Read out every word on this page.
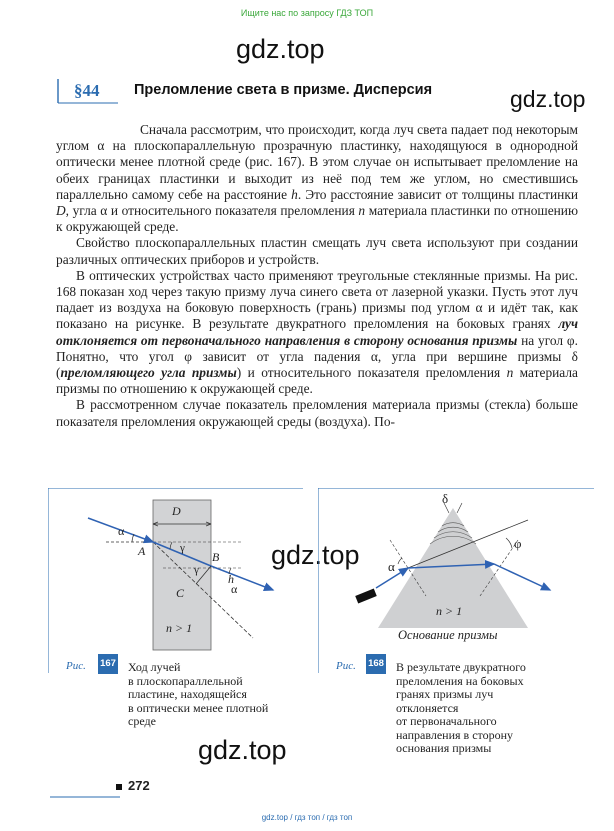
Ищите нас по запросу ГДЗ ТОП
gdz.top
gdz.top
gdz.top
gdz.top
§44 Преломление света в призме. Дисперсия

Сначала рассмотрим, что происходит, когда луч света падает под некоторым углом α на плоскопараллельную прозрачную пластинку, находящуюся в однородной оптически менее плотной среде (рис. 167). В этом случае он испытывает преломление на обеих границах пластинки и выходит из неё под тем же углом, но сместившись параллельно самому себе на расстояние h. Это расстояние зависит от толщины пластинки D, угла α и относительного показателя преломления n материала пластинки по отношению к окружающей среде.

Свойство плоскопараллельных пластин смещать луч света используют при создании различных оптических приборов и устройств.

В оптических устройствах часто применяют треугольные стеклянные призмы. На рис. 168 показан ход через такую призму луча синего света от лазерной указки. Пусть этот луч падает из воздуха на боковую поверхность (грань) призмы под углом α и идёт так, как показано на рисунке. В результате двукратного преломления на боковых гранях луч отклоняется от первоначального направления в сторону основания призмы на угол φ. Понятно, что угол φ зависит от угла падения α, угла при вершине призмы δ (преломляющего угла призмы) и относительного показателя преломления n материала призмы по отношению к окружающей среде.

В рассмотренном случае показатель преломления материала призмы (стекла) больше показателя преломления окружающей среды (воздуха). По-

D
α
A	γ
γ
B
h
C	α
n > 1
Рис. 167 Ход лучей
в плоскопараллельной
пластине, находящейся
в оптически менее плотной
среде
δ
φ
α
n > 1
Основание призмы
Рис. 168 В результате двукратного
преломления на боковых
гранях призмы луч
отклоняется
от первоначального
направления в сторону
основания призмы
272
gdz.top / гдз топ / гдз топ
